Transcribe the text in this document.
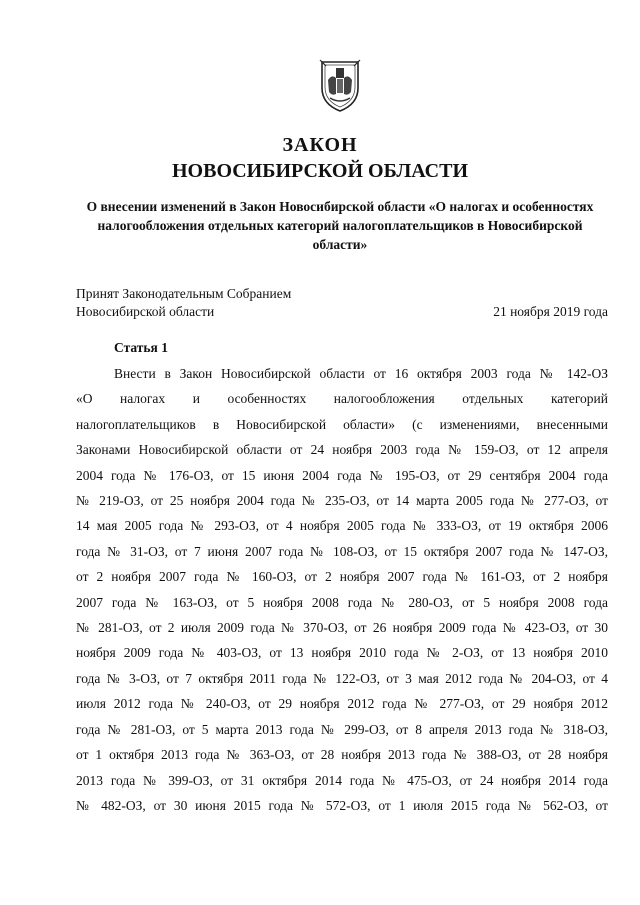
ЗАКОН
НОВОСИБИРСКОЙ ОБЛАСТИ
О внесении изменений в Закон Новосибирской области «О налогах и особенностях налогообложения отдельных категорий налогоплательщиков в Новосибирской области»
Принят Законодательным Собранием
Новосибирской области	21 ноября 2019 года
Статья 1
Внести в Закон Новосибирской области от 16 октября 2003 года № 142-ОЗ
«О налогах и особенностях налогообложения отдельных категорий
налогоплательщиков в Новосибирской области» (с изменениями, внесенными
Законами Новосибирской области от 24 ноября 2003 года № 159-ОЗ, от 12 апреля
2004 года № 176-ОЗ, от 15 июня 2004 года № 195-ОЗ, от 29 сентября 2004 года
№ 219-ОЗ, от 25 ноября 2004 года № 235-ОЗ, от 14 марта 2005 года № 277-ОЗ, от
14 мая 2005 года № 293-ОЗ, от 4 ноября 2005 года № 333-ОЗ, от 19 октября 2006
года № 31-ОЗ, от 7 июня 2007 года № 108-ОЗ, от 15 октября 2007 года № 147-ОЗ,
от 2 ноября 2007 года № 160-ОЗ, от 2 ноября 2007 года № 161-ОЗ, от 2 ноября
2007 года № 163-ОЗ, от 5 ноября 2008 года № 280-ОЗ, от 5 ноября 2008 года
№ 281-ОЗ, от 2 июля 2009 года № 370-ОЗ, от 26 ноября 2009 года № 423-ОЗ, от 30
ноября 2009 года № 403-ОЗ, от 13 ноября 2010 года № 2-ОЗ, от 13 ноября 2010
года № 3-ОЗ, от 7 октября 2011 года № 122-ОЗ, от 3 мая 2012 года № 204-ОЗ, от 4
июля 2012 года № 240-ОЗ, от 29 ноября 2012 года № 277-ОЗ, от 29 ноября 2012
года № 281-ОЗ, от 5 марта 2013 года № 299-ОЗ, от 8 апреля 2013 года № 318-ОЗ,
от 1 октября 2013 года № 363-ОЗ, от 28 ноября 2013 года № 388-ОЗ, от 28 ноября
2013 года № 399-ОЗ, от 31 октября 2014 года № 475-ОЗ, от 24 ноября 2014 года
№ 482-ОЗ, от 30 июня 2015 года № 572-ОЗ, от 1 июля 2015 года № 562-ОЗ, от
